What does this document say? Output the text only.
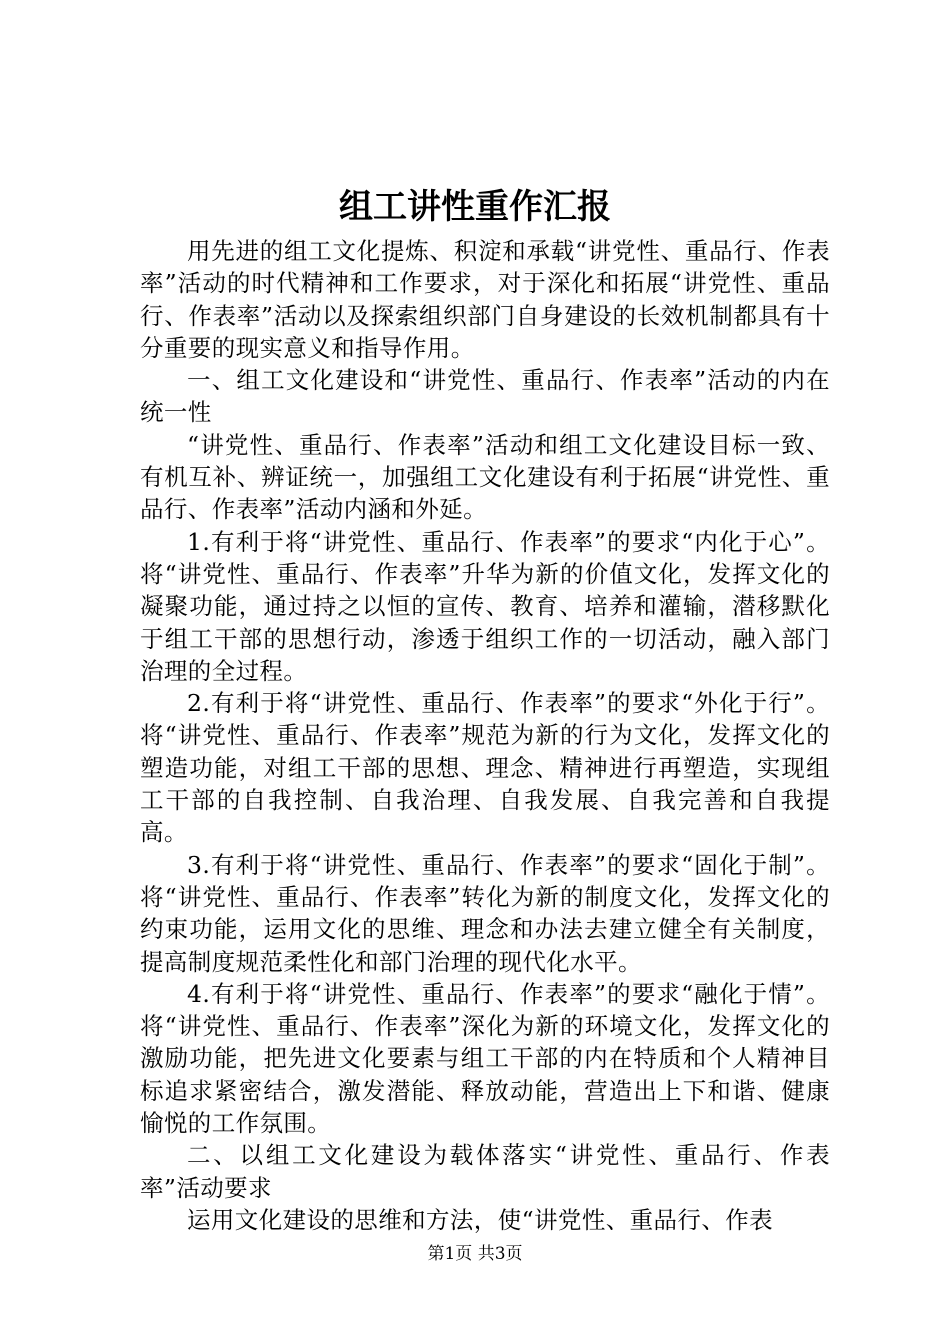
组工讲性重作汇报

用先进的组工文化提炼、积淀和承载“讲党性、重品行、作表率”活动的时代精神和工作要求，对于深化和拓展“讲党性、重品行、作表率”活动以及探索组织部门自身建设的长效机制都具有十分重要的现实意义和指导作用。

一、组工文化建设和“讲党性、重品行、作表率”活动的内在统一性

“讲党性、重品行、作表率”活动和组工文化建设目标一致、有机互补、辨证统一，加强组工文化建设有利于拓展“讲党性、重品行、作表率”活动内涵和外延。

1.有利于将“讲党性、重品行、作表率”的要求“内化于心”。将“讲党性、重品行、作表率”升华为新的价值文化，发挥文化的凝聚功能，通过持之以恒的宣传、教育、培养和灌输，潜移默化于组工干部的思想行动，渗透于组织工作的一切活动，融入部门治理的全过程。

2.有利于将“讲党性、重品行、作表率”的要求“外化于行”。将“讲党性、重品行、作表率”规范为新的行为文化，发挥文化的塑造功能，对组工干部的思想、理念、精神进行再塑造，实现组工干部的自我控制、自我治理、自我发展、自我完善和自我提高。

3.有利于将“讲党性、重品行、作表率”的要求“固化于制”。将“讲党性、重品行、作表率”转化为新的制度文化，发挥文化的约束功能，运用文化的思维、理念和办法去建立健全有关制度，提高制度规范柔性化和部门治理的现代化水平。

4.有利于将“讲党性、重品行、作表率”的要求“融化于情”。将“讲党性、重品行、作表率”深化为新的环境文化，发挥文化的激励功能，把先进文化要素与组工干部的内在特质和个人精神目标追求紧密结合，激发潜能、释放动能，营造出上下和谐、健康愉悦的工作氛围。

二、以组工文化建设为载体落实“讲党性、重品行、作表率”活动要求

运用文化建设的思维和方法，使“讲党性、重品行、作表

第1页 共3页
